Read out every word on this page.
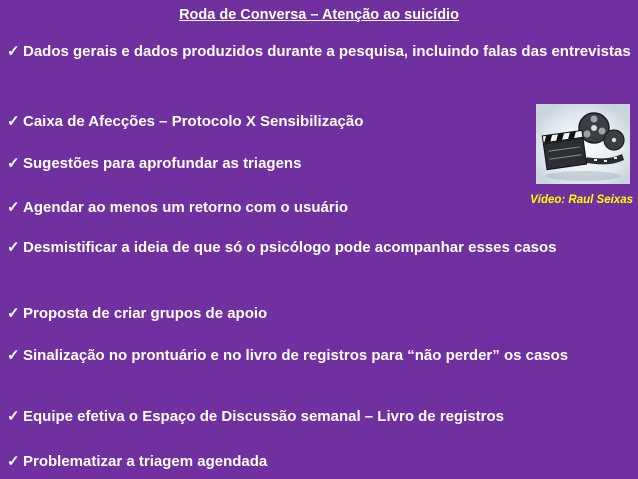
Roda de Conversa – Atenção ao suicídio
✓ Dados gerais e dados produzidos durante a pesquisa, incluindo falas das entrevistas
✓ Caixa de Afecções – Protocolo X Sensibilização
✓ Sugestões para aprofundar as triagens
✓ Agendar ao menos um retorno com o usuário
✓ Desmistificar a ideia de que só o psicólogo pode acompanhar esses casos
✓ Proposta de criar grupos de apoio
✓ Sinalização no prontuário e no livro de registros para “não perder” os casos
✓ Equipe efetiva o Espaço de Discussão semanal – Livro de registros
✓ Problematizar a triagem agendada
Vídeo: Raul Seixas
